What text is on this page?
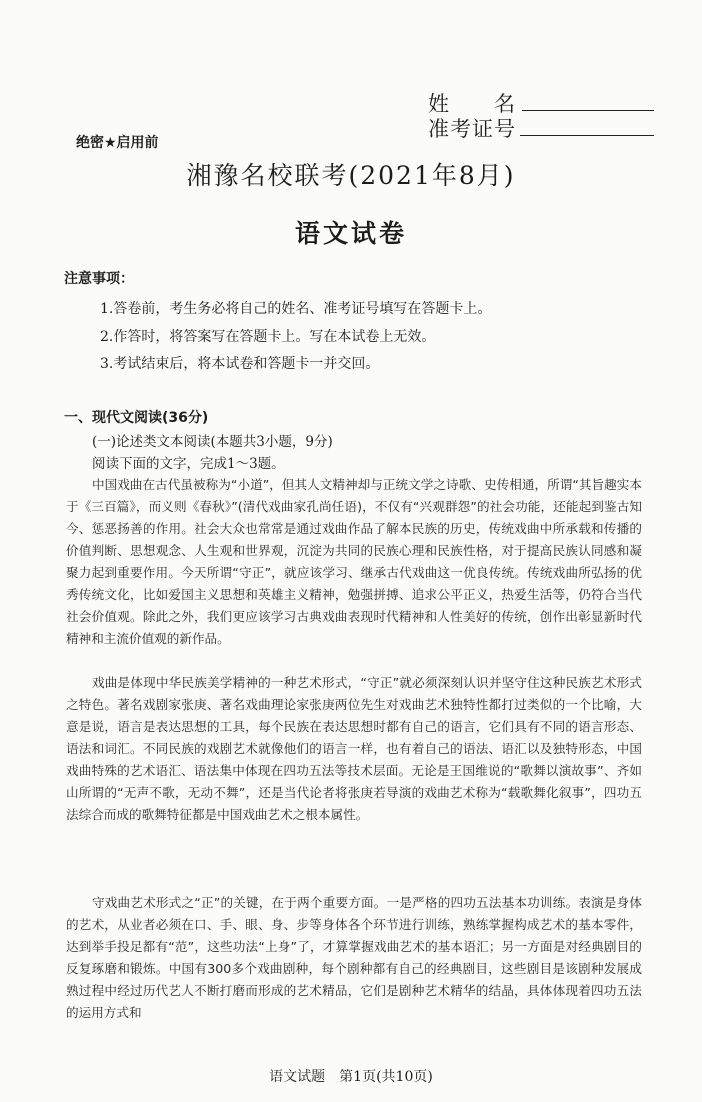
姓　　名
准考证号
绝密★启用前
湘豫名校联考(2021年8月)
语文试卷
注意事项：
1.答卷前，考生务必将自己的姓名、准考证号填写在答题卡上。
2.作答时，将答案写在答题卡上。写在本试卷上无效。
3.考试结束后，将本试卷和答题卡一并交回。
一、现代文阅读(36分)
(一)论述类文本阅读(本题共3小题，9分)
阅读下面的文字，完成1～3题。
中国戏曲在古代虽被称为“小道”，但其人文精神却与正统文学之诗歌、史传相通，所谓“其旨趣实本于《三百篇》，而义则《春秋》”(清代戏曲家孔尚任语)，不仅有“兴观群怨”的社会功能，还能起到鉴古知今、惩恶扬善的作用。社会大众也常常是通过戏曲作品了解本民族的历史，传统戏曲中所承载和传播的价值判断、思想观念、人生观和世界观，沉淀为共同的民族心理和民族性格，对于提高民族认同感和凝聚力起到重要作用。今天所谓“守正”，就应该学习、继承古代戏曲这一优良传统。传统戏曲所弘扬的优秀传统文化，比如爱国主义思想和英雄主义精神，勉强拼搏、追求公平正义，热爱生活等，仍符合当代社会价值观。除此之外，我们更应该学习古典戏曲表现时代精神和人性美好的传统，创作出彰显新时代精神和主流价值观的新作品。
戏曲是体现中华民族美学精神的一种艺术形式，“守正”就必须深刻认识并坚守住这种民族艺术形式之特色。著名戏剧家张庚、著名戏曲理论家张庚两位先生对戏曲艺术独特性都打过类似的一个比喻，大意是说，语言是表达思想的工具，每个民族在表达思想时都有自己的语言，它们具有不同的语言形态、语法和词汇。不同民族的戏剧艺术就像他们的语言一样，也有着自己的语法、语汇以及独特形态，中国戏曲特殊的艺术语汇、语法集中体现在四功五法等技术层面。无论是王国维说的“歌舞以演故事”、齐如山所谓的“无声不歌，无动不舞”，还是当代论者将张庚若导演的戏曲艺术称为“载歌舞化叙事”，四功五法综合而成的歌舞特征都是中国戏曲艺术之根本属性。
守戏曲艺术形式之“正”的关键，在于两个重要方面。一是严格的四功五法基本功训练。表演是身体的艺术，从业者必须在口、手、眼、身、步等身体各个环节进行训练，熟练掌握构成艺术的基本零件，达到举手投足都有“范”，这些功法“上身”了，才算掌握戏曲艺术的基本语汇；另一方面是对经典剧目的反复琢磨和锻炼。中国有300多个戏曲剧种，每个剧种都有自己的经典剧目，这些剧目是该剧种发展成熟过程中经过历代艺人不断打磨而形成的艺术精品，它们是剧种艺术精华的结晶，具体体现着四功五法的运用方式和
语文试题　第1页(共10页)
